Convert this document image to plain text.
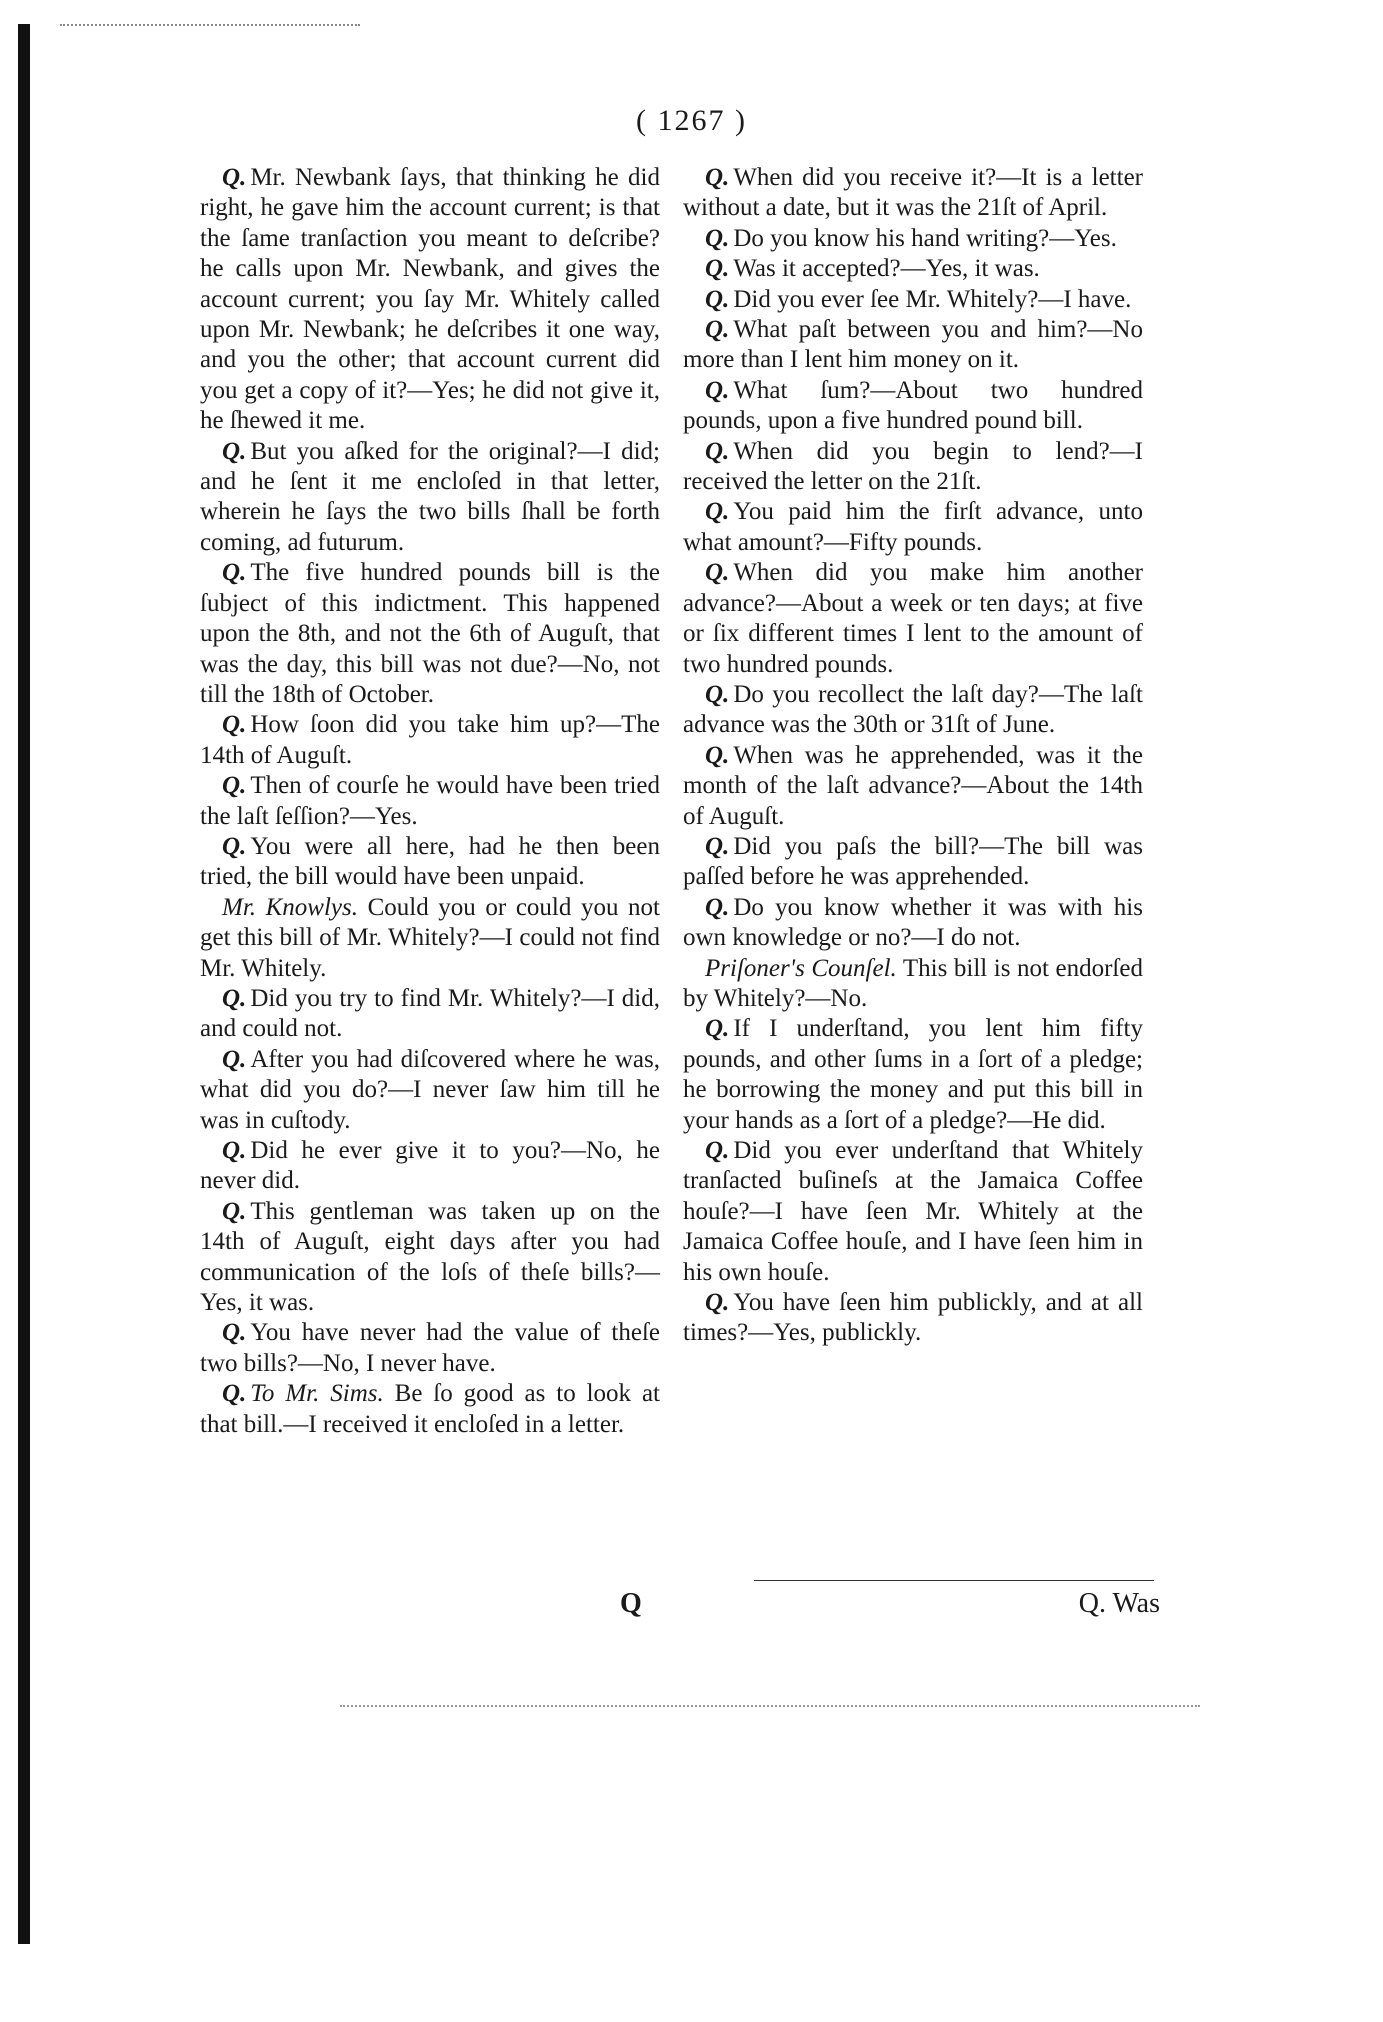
( 1267 )

Q. Mr. Newbank ſays, that thinking he did right, he gave him the account current; is that the ſame tranſaction you meant to deſcribe? he calls upon Mr. Newbank, and gives the account current; you ſay Mr. Whitely called upon Mr. Newbank; he deſcribes it one way, and you the other; that account current did you get a copy of it?—Yes; he did not give it, he ſhewed it me.

Q. But you aſked for the original?—I did; and he ſent it me encloſed in that letter, wherein he ſays the two bills ſhall be forth coming, ad futurum.

Q. The five hundred pounds bill is the ſubject of this indictment. This happened upon the 8th, and not the 6th of Auguſt, that was the day, this bill was not due?—No, not till the 18th of October.

Q. How ſoon did you take him up?—The 14th of Auguſt.

Q. Then of courſe he would have been tried the laſt ſeſſion?—Yes.

Q. You were all here, had he then been tried, the bill would have been unpaid.

Mr. Knowlys. Could you or could you not get this bill of Mr. Whitely?—I could not find Mr. Whitely.

Q. Did you try to find Mr. Whitely?—I did, and could not.

Q. After you had diſcovered where he was, what did you do?—I never ſaw him till he was in cuſtody.

Q. Did he ever give it to you?—No, he never did.

Q. This gentleman was taken up on the 14th of Auguſt, eight days after you had communication of the loſs of theſe bills?—Yes, it was.

Q. You have never had the value of theſe two bills?—No, I never have.

Q. To Mr. Sims. Be ſo good as to look at that bill.—I received it encloſed in a letter.

Q. When did you receive it?—It is a letter without a date, but it was the 21ſt of April.

Q. Do you know his hand writing?—Yes.

Q. Was it accepted?—Yes, it was.

Q. Did you ever ſee Mr. Whitely?—I have.

Q. What paſt between you and him?—No more than I lent him money on it.

Q. What ſum?—About two hundred pounds, upon a five hundred pound bill.

Q. When did you begin to lend?—I received the letter on the 21ſt.

Q. You paid him the firſt advance, unto what amount?—Fifty pounds.

Q. When did you make him another advance?—About a week or ten days; at five or ſix different times I lent to the amount of two hundred pounds.

Q. Do you recollect the laſt day?—The laſt advance was the 30th or 31ſt of June.

Q. When was he apprehended, was it the month of the laſt advance?—About the 14th of Auguſt.

Q. Did you paſs the bill?—The bill was paſſed before he was apprehended.

Q. Do you know whether it was with his own knowledge or no?—I do not.

Priſoner's Counſel. This bill is not endorſed by Whitely?—No.

Q. If I underſtand, you lent him fifty pounds, and other ſums in a ſort of a pledge; he borrowing the money and put this bill in your hands as a ſort of a pledge?—He did.

Q. Did you ever underſtand that Whitely tranſacted buſineſs at the Jamaica Coffee houſe?—I have ſeen Mr. Whitely at the Jamaica Coffee houſe, and I have ſeen him in his own houſe.

Q. You have ſeen him publickly, and at all times?—Yes, publickly.

Q	Q. Was
